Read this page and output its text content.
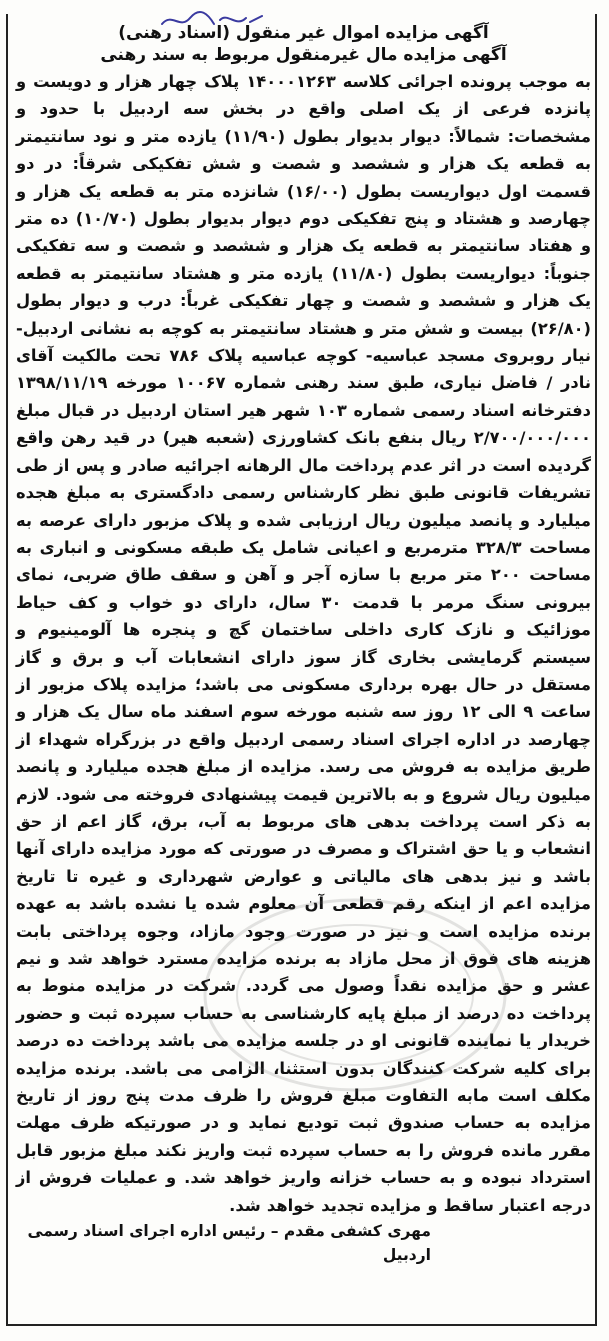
آگهی مزایده اموال غیر منقول (اسناد رهنی)

آگهی مزایده مال غیرمنقول مربوط به سند رهنی

به موجب پرونده اجرائی کلاسه ۱۴۰۰۰۱۲۶۳ پلاک چهار هزار و دویست و پانزده فرعی از یک اصلی واقع در بخش سه اردبیل با حدود و مشخصات: شمالاً: دیوار بدیوار بطول (۱۱/۹۰) یازده متر و نود سانتیمتر به قطعه یک هزار و ششصد و شصت و شش تفکیکی شرقاً: در دو قسمت اول دیواریست بطول (۱۶/۰۰) شانزده متر به قطعه یک هزار و چهارصد و هشتاد و پنج تفکیکی دوم دیوار بدیوار بطول (۱۰/۷۰) ده متر و هفتاد سانتیمتر به قطعه یک هزار و ششصد و شصت و سه تفکیکی جنوباً: دیواریست بطول (۱۱/۸۰) یازده متر و هشتاد سانتیمتر به قطعه یک هزار و ششصد و شصت و چهار تفکیکی غرباً: درب و دیوار بطول (۲۶/۸۰) بیست و شش متر و هشتاد سانتیمتر به کوچه به نشانی اردبیل- نیار روبروی مسجد عباسیه- کوچه عباسیه پلاک ۷۸۶ تحت مالکیت آقای نادر / فاضل نیاری، طبق سند رهنی شماره ۱۰۰۶۷ مورخه ۱۳۹۸/۱۱/۱۹ دفترخانه اسناد رسمی شماره ۱۰۳ شهر هیر استان اردبیل در قبال مبلغ ۲/۷۰۰/۰۰۰/۰۰۰ ریال بنفع بانک کشاورزی (شعبه هیر) در قید رهن واقع گردیده است در اثر عدم پرداخت مال الرهانه اجرائیه صادر و پس از طی تشریفات قانونی طبق نظر کارشناس رسمی دادگستری به مبلغ هجده میلیارد و پانصد میلیون ریال ارزیابی شده و پلاک مزبور دارای عرصه به مساحت ۳۲۸/۳ مترمربع و اعیانی شامل یک طبقه مسکونی و انباری به مساحت ۲۰۰ متر مربع با سازه آجر و آهن و سقف طاق ضربی، نمای بیرونی سنگ مرمر با قدمت ۳۰ سال، دارای دو خواب و کف حیاط موزائیک و نازک کاری داخلی ساختمان گچ و پنجره ها آلومینیوم و سیستم گرمایشی بخاری گاز سوز دارای انشعابات آب و برق و گاز مستقل در حال بهره برداری مسکونی می باشد؛ مزایده پلاک مزبور از ساعت ۹ الی ۱۲ روز سه شنبه مورخه سوم اسفند ماه سال یک هزار و چهارصد در اداره اجرای اسناد رسمی اردبیل واقع در بزرگراه شهداء از طریق مزایده به فروش می رسد. مزایده از مبلغ هجده میلیارد و پانصد میلیون ریال شروع و به بالاترین قیمت پیشنهادی فروخته می شود. لازم به ذکر است پرداخت بدهی های مربوط به آب، برق، گاز اعم از حق انشعاب و یا حق اشتراک و مصرف در صورتی که مورد مزایده دارای آنها باشد و نیز بدهی های مالیاتی و عوارض شهرداری و غیره تا تاریخ مزایده اعم از اینکه رقم قطعی آن معلوم شده یا نشده باشد به عهده برنده مزایده است و نیز در صورت وجود مازاد، وجوه پرداختی بابت هزینه های فوق از محل مازاد به برنده مزایده مسترد خواهد شد و نیم عشر و حق مزایده نقداً وصول می گردد. شرکت در مزایده منوط به پرداخت ده درصد از مبلغ پایه کارشناسی به حساب سپرده ثبت و حضور خریدار یا نماینده قانونی او در جلسه مزایده می باشد پرداخت ده درصد برای کلیه شرکت کنندگان بدون استثنا، الزامی می باشد. برنده مزایده مکلف است مابه التفاوت مبلغ فروش را ظرف مدت پنج روز از تاریخ مزایده به حساب صندوق ثبت توديع نماید و در صورتیکه ظرف مهلت مقرر مانده فروش را به حساب سپرده ثبت واریز نکند مبلغ مزبور قابل استرداد نبوده و به حساب خزانه واریز خواهد شد. و عملیات فروش از درجه اعتبار ساقط و مزایده تجدید خواهد شد.

مهری کشفی مقدم – رئیس اداره اجرای اسناد رسمی اردبیل
